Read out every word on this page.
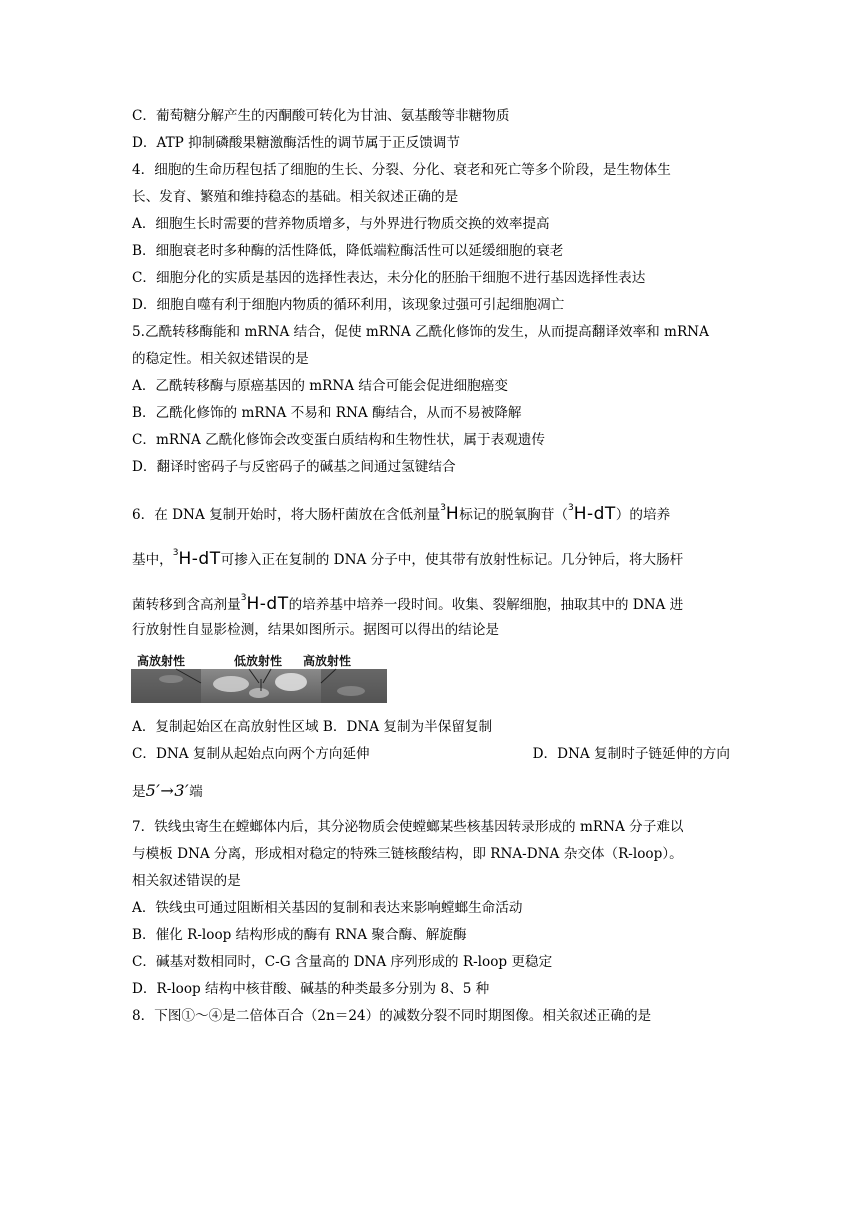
C．葡萄糖分解产生的丙酮酸可转化为甘油、氨基酸等非糖物质
D．ATP 抑制磷酸果糖激酶活性的调节属于正反馈调节
4．细胞的生命历程包括了细胞的生长、分裂、分化、衰老和死亡等多个阶段，是生物体生
长、发育、繁殖和维持稳态的基础。相关叙述正确的是
A．细胞生长时需要的营养物质增多，与外界进行物质交换的效率提高
B．细胞衰老时多种酶的活性降低，降低端粒酶活性可以延缓细胞的衰老
C．细胞分化的实质是基因的选择性表达，未分化的胚胎干细胞不进行基因选择性表达
D．细胞自噬有利于细胞内物质的循环利用，该现象过强可引起细胞凋亡
5.乙酰转移酶能和 mRNA 结合，促使 mRNA 乙酰化修饰的发生，从而提高翻译效率和 mRNA
的稳定性。相关叙述错误的是
A．乙酰转移酶与原癌基因的 mRNA 结合可能会促进细胞癌变
B．乙酰化修饰的 mRNA 不易和 RNA 酶结合，从而不易被降解
C．mRNA 乙酰化修饰会改变蛋白质结构和生物性状，属于表观遗传
D．翻译时密码子与反密码子的碱基之间通过氢键结合
6．在 DNA 复制开始时，将大肠杆菌放在含低剂量$^3$H标记的脱氧胸苷（$^3$H-dT）的培养
基中，$^3$H-dT可掺入正在复制的 DNA 分子中，使其带有放射性标记。几分钟后，将大肠杆
菌转移到含高剂量$^3$H-dT的培养基中培养一段时间。收集、裂解细胞，抽取其中的 DNA 进
行放射性自显影检测，结果如图所示。据图可以得出的结论是
高放射性	低放射性 高放射性
A．复制起始区在高放射性区域 B．DNA 复制为半保留复制
C．DNA 复制从起始点向两个方向延伸	D．DNA 复制时子链延伸的方向
是5′→3′端
7．铁线虫寄生在螳螂体内后，其分泌物质会使螳螂某些核基因转录形成的 mRNA 分子难以
与模板 DNA 分离，形成相对稳定的特殊三链核酸结构，即 RNA-DNA 杂交体（R-loop）。
相关叙述错误的是
A．铁线虫可通过阻断相关基因的复制和表达来影响螳螂生命活动
B．催化 R-loop 结构形成的酶有 RNA 聚合酶、解旋酶
C．碱基对数相同时，C-G 含量高的 DNA 序列形成的 R-loop 更稳定
D．R-loop 结构中核苷酸、碱基的种类最多分别为 8、5 种
8．下图①～④是二倍体百合（2n＝24）的减数分裂不同时期图像。相关叙述正确的是
